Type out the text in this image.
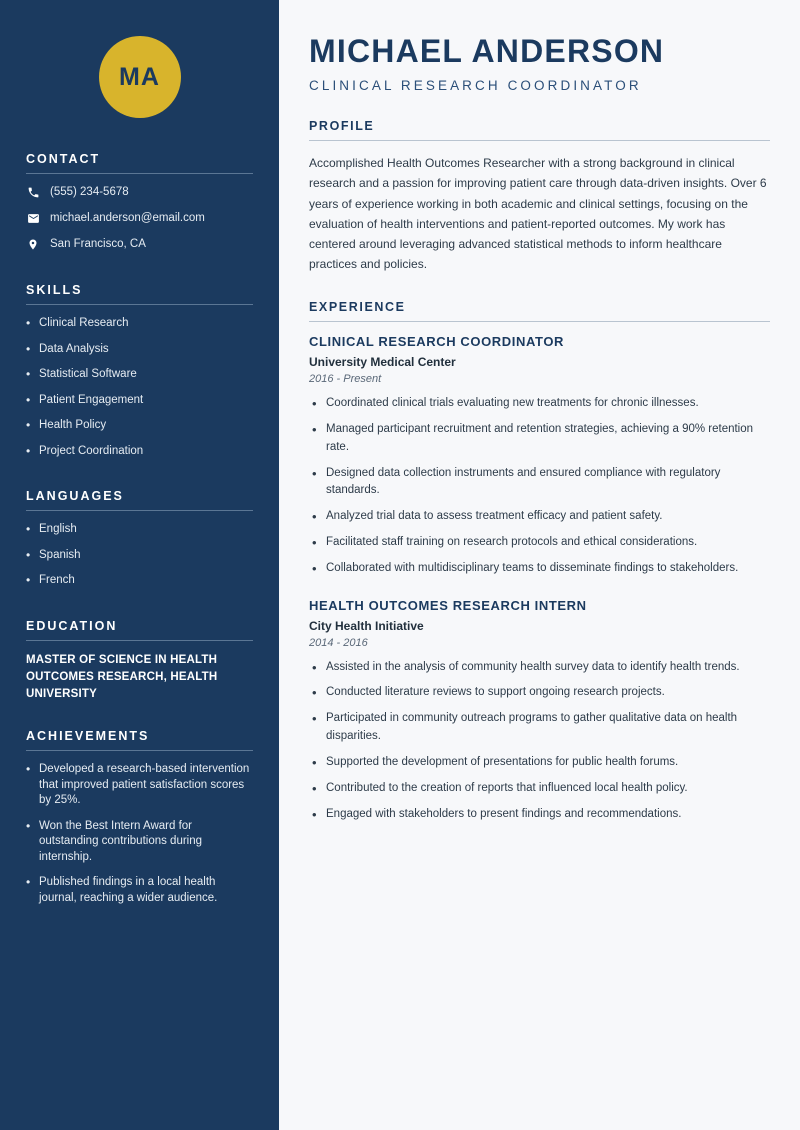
MA
CONTACT
(555) 234-5678
michael.anderson@email.com
San Francisco, CA
SKILLS
• Clinical Research
• Data Analysis
• Statistical Software
• Patient Engagement
• Health Policy
• Project Coordination
LANGUAGES
• English
• Spanish
• French
EDUCATION
MASTER OF SCIENCE IN HEALTH OUTCOMES RESEARCH, HEALTH UNIVERSITY
ACHIEVEMENTS
• Developed a research-based intervention that improved patient satisfaction scores by 25%.
• Won the Best Intern Award for outstanding contributions during internship.
• Published findings in a local health journal, reaching a wider audience.
MICHAEL ANDERSON
CLINICAL RESEARCH COORDINATOR
PROFILE

Accomplished Health Outcomes Researcher with a strong background in clinical research and a passion for improving patient care through data-driven insights. Over 6 years of experience working in both academic and clinical settings, focusing on the evaluation of health interventions and patient-reported outcomes. My work has centered around leveraging advanced statistical methods to inform healthcare practices and policies.

EXPERIENCE
CLINICAL RESEARCH COORDINATOR
University Medical Center
2016 - Present
• Coordinated clinical trials evaluating new treatments for chronic illnesses.
• Managed participant recruitment and retention strategies, achieving a 90% retention rate.
• Designed data collection instruments and ensured compliance with regulatory standards.
• Analyzed trial data to assess treatment efficacy and patient safety.
• Facilitated staff training on research protocols and ethical considerations.
• Collaborated with multidisciplinary teams to disseminate findings to stakeholders.
HEALTH OUTCOMES RESEARCH INTERN
City Health Initiative
2014 - 2016
• Assisted in the analysis of community health survey data to identify health trends.
• Conducted literature reviews to support ongoing research projects.
• Participated in community outreach programs to gather qualitative data on health disparities.
• Supported the development of presentations for public health forums.
• Contributed to the creation of reports that influenced local health policy.
• Engaged with stakeholders to present findings and recommendations.
